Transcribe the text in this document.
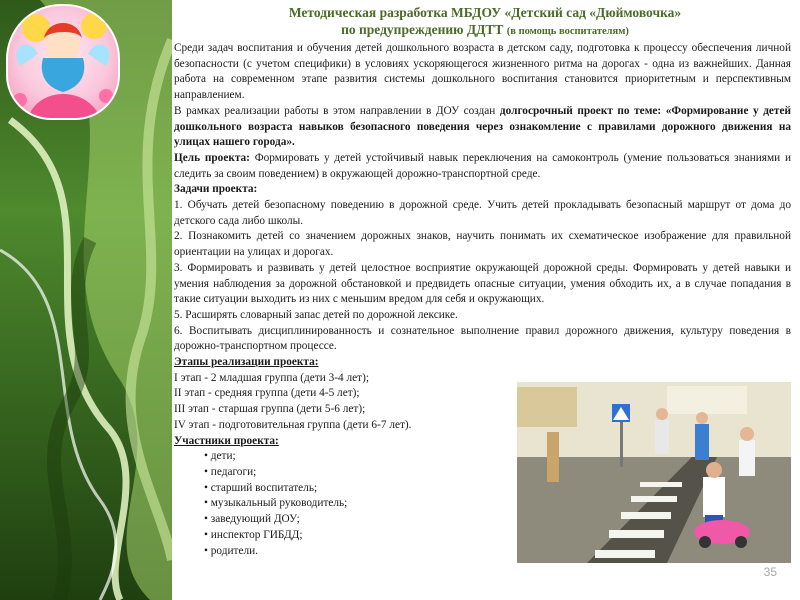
Методическая разработка МБДОУ «Детский сад «Дюймовочка»
по предупреждению ДДТТ (в помощь воспитателям)

Среди задач воспитания и обучения детей дошкольного возраста в детском саду, подготовка к процессу обеспечения личной безопасности (с учетом специфики) в условиях ускоряющегося жизненного ритма на дорогах - одна из важнейших. Данная работа на современном этапе развития системы дошкольного воспитания становится приоритетным и перспективным направлением.

В рамках реализации работы в этом направлении в ДОУ создан долгосрочный проект по теме: «Формирование у детей дошкольного возраста навыков безопасного поведения через ознакомление с правилами дорожного движения на улицах нашего города».

Цель проекта: Формировать у детей устойчивый навык переключения на самоконтроль (умение пользоваться знаниями и следить за своим поведением) в окружающей дорожно-транспортной среде.

Задачи проекта:

1. Обучать детей безопасному поведению в дорожной среде. Учить детей прокладывать безопасный маршрут от дома до детского сада либо школы.

2. Познакомить детей со значением дорожных знаков, научить понимать их схематическое изображение для правильной ориентации на улицах и дорогах.

3. Формировать и развивать у детей целостное восприятие окружающей дорожной среды. Формировать у детей навыки и умения наблюдения за дорожной обстановкой и предвидеть опасные ситуации, умения обходить их, а в случае попадания в такие ситуации выходить из них с меньшим вредом для себя и окружающих.

5. Расширять словарный запас детей по дорожной лексике.

6. Воспитывать дисциплинированность и сознательное выполнение правил дорожного движения, культуру поведения в дорожно-транспортном процессе.

Этапы реализации проекта:

I этап - 2 младшая группа (дети 3-4 лет);

II этап - средняя группа (дети 4-5 лет);

III этап - старшая группа (дети 5-6 лет);

IV этап - подготовительная группа (дети 6-7 лет).

Участники проекта:

• дети;
• педагоги;
• старший воспитатель;
• музыкальный руководитель;
• заведующий ДОУ;
• инспектор ГИБДД;
• родители.
35
